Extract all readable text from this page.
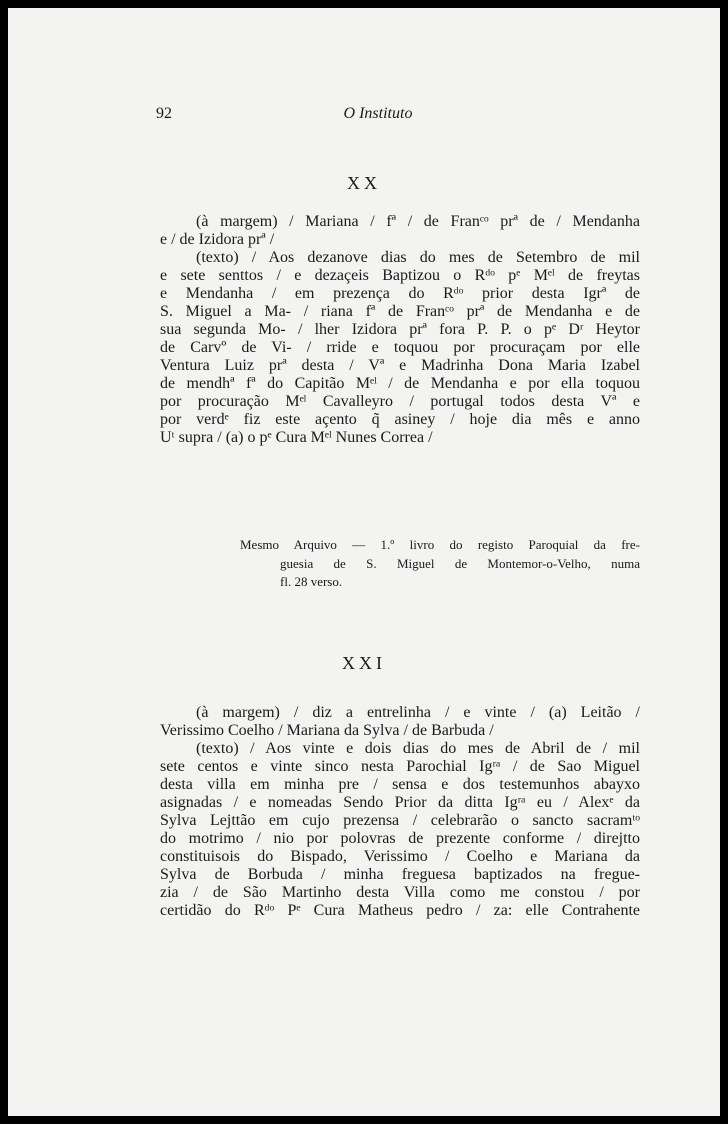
92	O Instituto
XX
(à margem) / Mariana / fª / de Franᶜᵒ prª de / Mendanha
e / de Izidora prª /
(texto) / Aos dezanove dias do mes de Setembro de mil
e sete senttos / e dezaçeis Baptizou o Rᵈᵒ pᵉ Mᵉˡ de freytas
e Mendanha / em prezença do Rᵈᵒ prior desta Igrª de
S. Miguel a Ma- / riana fª de Franᶜᵒ prª de Mendanha e de
sua segunda Mo- / lher Izidora prª fora P. P. o pᵉ Dʳ Heytor
de Carvº de Vi- / rride e toquou por procuraçam por elle
Ventura Luiz prª desta / Vª e Madrinha Dona Maria Izabel
de mendhª fª do Capitão Mᵉˡ / de Mendanha e por ella toquou
por procuração Mᵉˡ Cavalleyro / portugal todos desta Vª e
por verdᵉ fiz este açento q̃ asiney / hoje dia mês e anno
Uᵗ supra / (a) o pᵉ Cura Mᵉˡ Nunes Correa /
Mesmo Arquivo — 1.º livro do registo Paroquial da fre-
guesia de S. Miguel de Montemor-o-Velho, numa
fl. 28 verso.
XXI
(à margem) / diz a entrelinha / e vinte / (a) Leitão /
Verissimo Coelho / Mariana da Sylva / de Barbuda /
(texto) / Aos vinte e dois dias do mes de Abril de / mil
sete centos e vinte sinco nesta Parochial Igʳᵃ / de Sao Miguel
desta villa em minha pre / sensa e dos testemunhos abayxo
asignadas / e nomeadas Sendo Prior da ditta Igʳᵃ eu / Alexᵉ da
Sylva Lejttão em cujo prezensa / celebrarão o sancto sacramᵗᵒ
do motrimo / nio por polovras de prezente conforme / direjtto
constituisois do Bispado, Verissimo / Coelho e Mariana da
Sylva de Borbuda / minha freguesa baptizados na fregue-
zia / de São Martinho desta Villa como me constou / por
certidão do Rᵈᵒ Pᵉ Cura Matheus pedro / za: elle Contrahente
